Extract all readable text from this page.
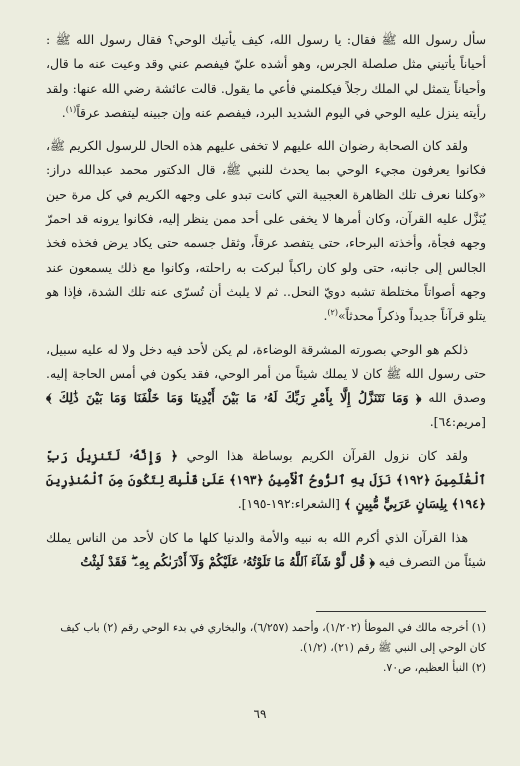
سأل رسول الله ﷺ فقال: يا رسول الله، كيف يأتيك الوحي؟ فقال رسول الله ﷺ : أحياناً يأتيني مثل صلصلة الجرس، وهو أشده عليّ فيفصم عني وقد وعيت عنه ما قال، وأحياناً يتمثل لي الملك رجلاً فيكلمني فأعي ما يقول. قالت عائشة رضي الله عنها: ولقد رأيته ينزل عليه الوحي في اليوم الشديد البرد، فيفصم عنه وإن جبينه ليتفصد عرقاً$^{(١)}$.

ولقد كان الصحابة رضوان الله عليهم لا تخفى عليهم هذه الحال للرسول الكريم ﷺ، فكانوا يعرفون مجيء الوحي بما يحدث للنبي ﷺ، قال الدكتور محمد عبدالله دراز: «وكلنا نعرف تلك الظاهرة العجيبة التي كانت تبدو على وجهه الكريم في كل مرة حين يُنَزَّل عليه القرآن، وكان أمرها لا يخفى على أحد ممن ينظر إليه، فكانوا يرونه قد احمرّ وجهه فجأة، وأخذته البرحاء، حتى يتفصد عرقاً، وثقل جسمه حتى يكاد يرض فخذه فخذ الجالس إلى جانبه، حتى ولو كان راكباً لبركت به راحلته، وكانوا مع ذلك يسمعون عند وجهه أصواتاً مختلطة تشبه دويّ النحل.. ثم لا يلبث أن تُسرّى عنه تلك الشدة، فإذا هو يتلو قرآناً جديداً وذكراً محدثاً»$^{(٢)}$.

ذلكم هو الوحي بصورته المشرقة الوضاءة، لم يكن لأحد فيه دخل ولا له عليه سبيل، حتى رسول الله ﷺ كان لا يملك شيئاً من أمر الوحي، فقد يكون في أمس الحاجة إليه. وصدق الله ﴿ وَمَا نَتَنَزَّلُ إِلَّا بِأَمْرِ رَبِّكَ لَهُۥ مَا بَيْنَ أَيْدِينَا وَمَا خَلْفَنَا وَمَا بَيْنَ ذَٰلِكَ ﴾ [مريم:٦٤].

ولقد كان نزول القرآن الكريم بوساطة هذا الوحي ﴿ وَإِنَّهُۥ لَتَنزِيلُ رَبِّ ٱلْعَٰلَمِينَ ﴿١٩٢﴾ نَزَلَ بِهِ ٱلرُّوحُ ٱلْأَمِينُ ﴿١٩٣﴾ عَلَىٰ قَلْبِكَ لِتَكُونَ مِنَ ٱلْمُنذِرِينَ ﴿١٩٤﴾ بِلِسَانٍ عَرَبِيٍّ مُّبِينٍ ﴾ [الشعراء:١٩٢-١٩٥].

هذا القرآن الذي أكرم الله به نبيه والأمة والدنيا كلها ما كان لأحد من الناس يملك شيئاً من التصرف فيه ﴿ قُل لَّوْ شَآءَ ٱللَّهُ مَا تَلَوْتُهُۥ عَلَيْكُمْ وَلَآ أَدْرَىٰكُم بِهِۦ ۖ فَقَدْ لَبِثْتُ

(١) أخرجه مالك في الموطأ (١/٢٠٢)، وأحمد (٦/٢٥٧)، والبخاري في بدء الوحي رقم (٢) باب كيف كان الوحي إلى النبي ﷺ رقم (٢١)، (١/٢).

(٢) النبأ العظيم، ص٧٠.

٦٩
